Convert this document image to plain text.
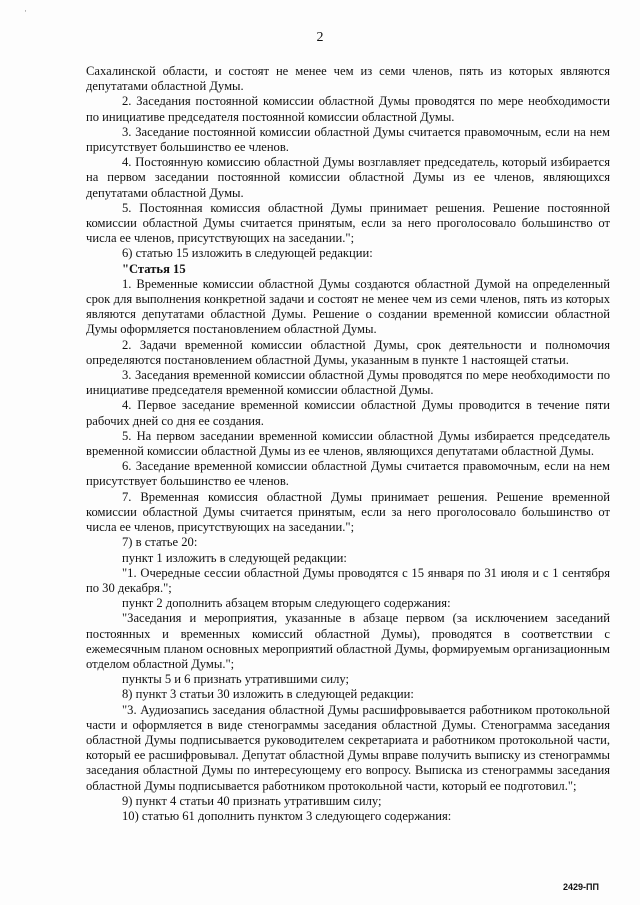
·
2

Сахалинской области, и состоят не менее чем из семи членов, пять из которых являются депутатами областной Думы.

2. Заседания постоянной комиссии областной Думы проводятся по мере необходимости по инициативе председателя постоянной комиссии областной Думы.

3. Заседание постоянной комиссии областной Думы считается правомочным, если на нем присутствует большинство ее членов.

4. Постоянную комиссию областной Думы возглавляет председатель, который избирается на первом заседании постоянной комиссии областной Думы из ее членов, являющихся депутатами областной Думы.

5. Постоянная комиссия областной Думы принимает решения. Решение постоянной комиссии областной Думы считается принятым, если за него проголосовало большинство от числа ее членов, присутствующих на заседании.";

6) статью 15 изложить в следующей редакции:

"Статья 15

1. Временные комиссии областной Думы создаются областной Думой на определенный срок для выполнения конкретной задачи и состоят не менее чем из семи членов, пять из которых являются депутатами областной Думы. Решение о создании временной комиссии областной Думы оформляется постановлением областной Думы.

2. Задачи временной комиссии областной Думы, срок деятельности и полномочия определяются постановлением областной Думы, указанным в пункте 1 настоящей статьи.

3. Заседания временной комиссии областной Думы проводятся по мере необходимости по инициативе председателя временной комиссии областной Думы.

4. Первое заседание временной комиссии областной Думы проводится в течение пяти рабочих дней со дня ее создания.

5. На первом заседании временной комиссии областной Думы избирается председатель временной комиссии областной Думы из ее членов, являющихся депутатами областной Думы.

6. Заседание временной комиссии областной Думы считается правомочным, если на нем присутствует большинство ее членов.

7. Временная комиссия областной Думы принимает решения. Решение временной комиссии областной Думы считается принятым, если за него проголосовало большинство от числа ее членов, присутствующих на заседании.";

7) в статье 20:

пункт 1 изложить в следующей редакции:

"1. Очередные сессии областной Думы проводятся с 15 января по 31 июля и с 1 сентября по 30 декабря.";

пункт 2 дополнить абзацем вторым следующего содержания:

"Заседания и мероприятия, указанные в абзаце первом (за исключением заседаний постоянных и временных комиссий областной Думы), проводятся в соответствии с ежемесячным планом основных мероприятий областной Думы, формируемым организационным отделом областной Думы.";

пункты 5 и 6 признать утратившими силу;

8) пункт 3 статьи 30 изложить в следующей редакции:

"3. Аудиозапись заседания областной Думы расшифровывается работником протокольной части и оформляется в виде стенограммы заседания областной Думы. Стенограмма заседания областной Думы подписывается руководителем секретариата и работником протокольной части, который ее расшифровывал. Депутат областной Думы вправе получить выписку из стенограммы заседания областной Думы по интересующему его вопросу. Выписка из стенограммы заседания областной Думы подписывается работником протокольной части, который ее подготовил.";

9) пункт 4 статьи 40 признать утратившим силу;

10) статью 61 дополнить пунктом 3 следующего содержания:

2429-ПП
